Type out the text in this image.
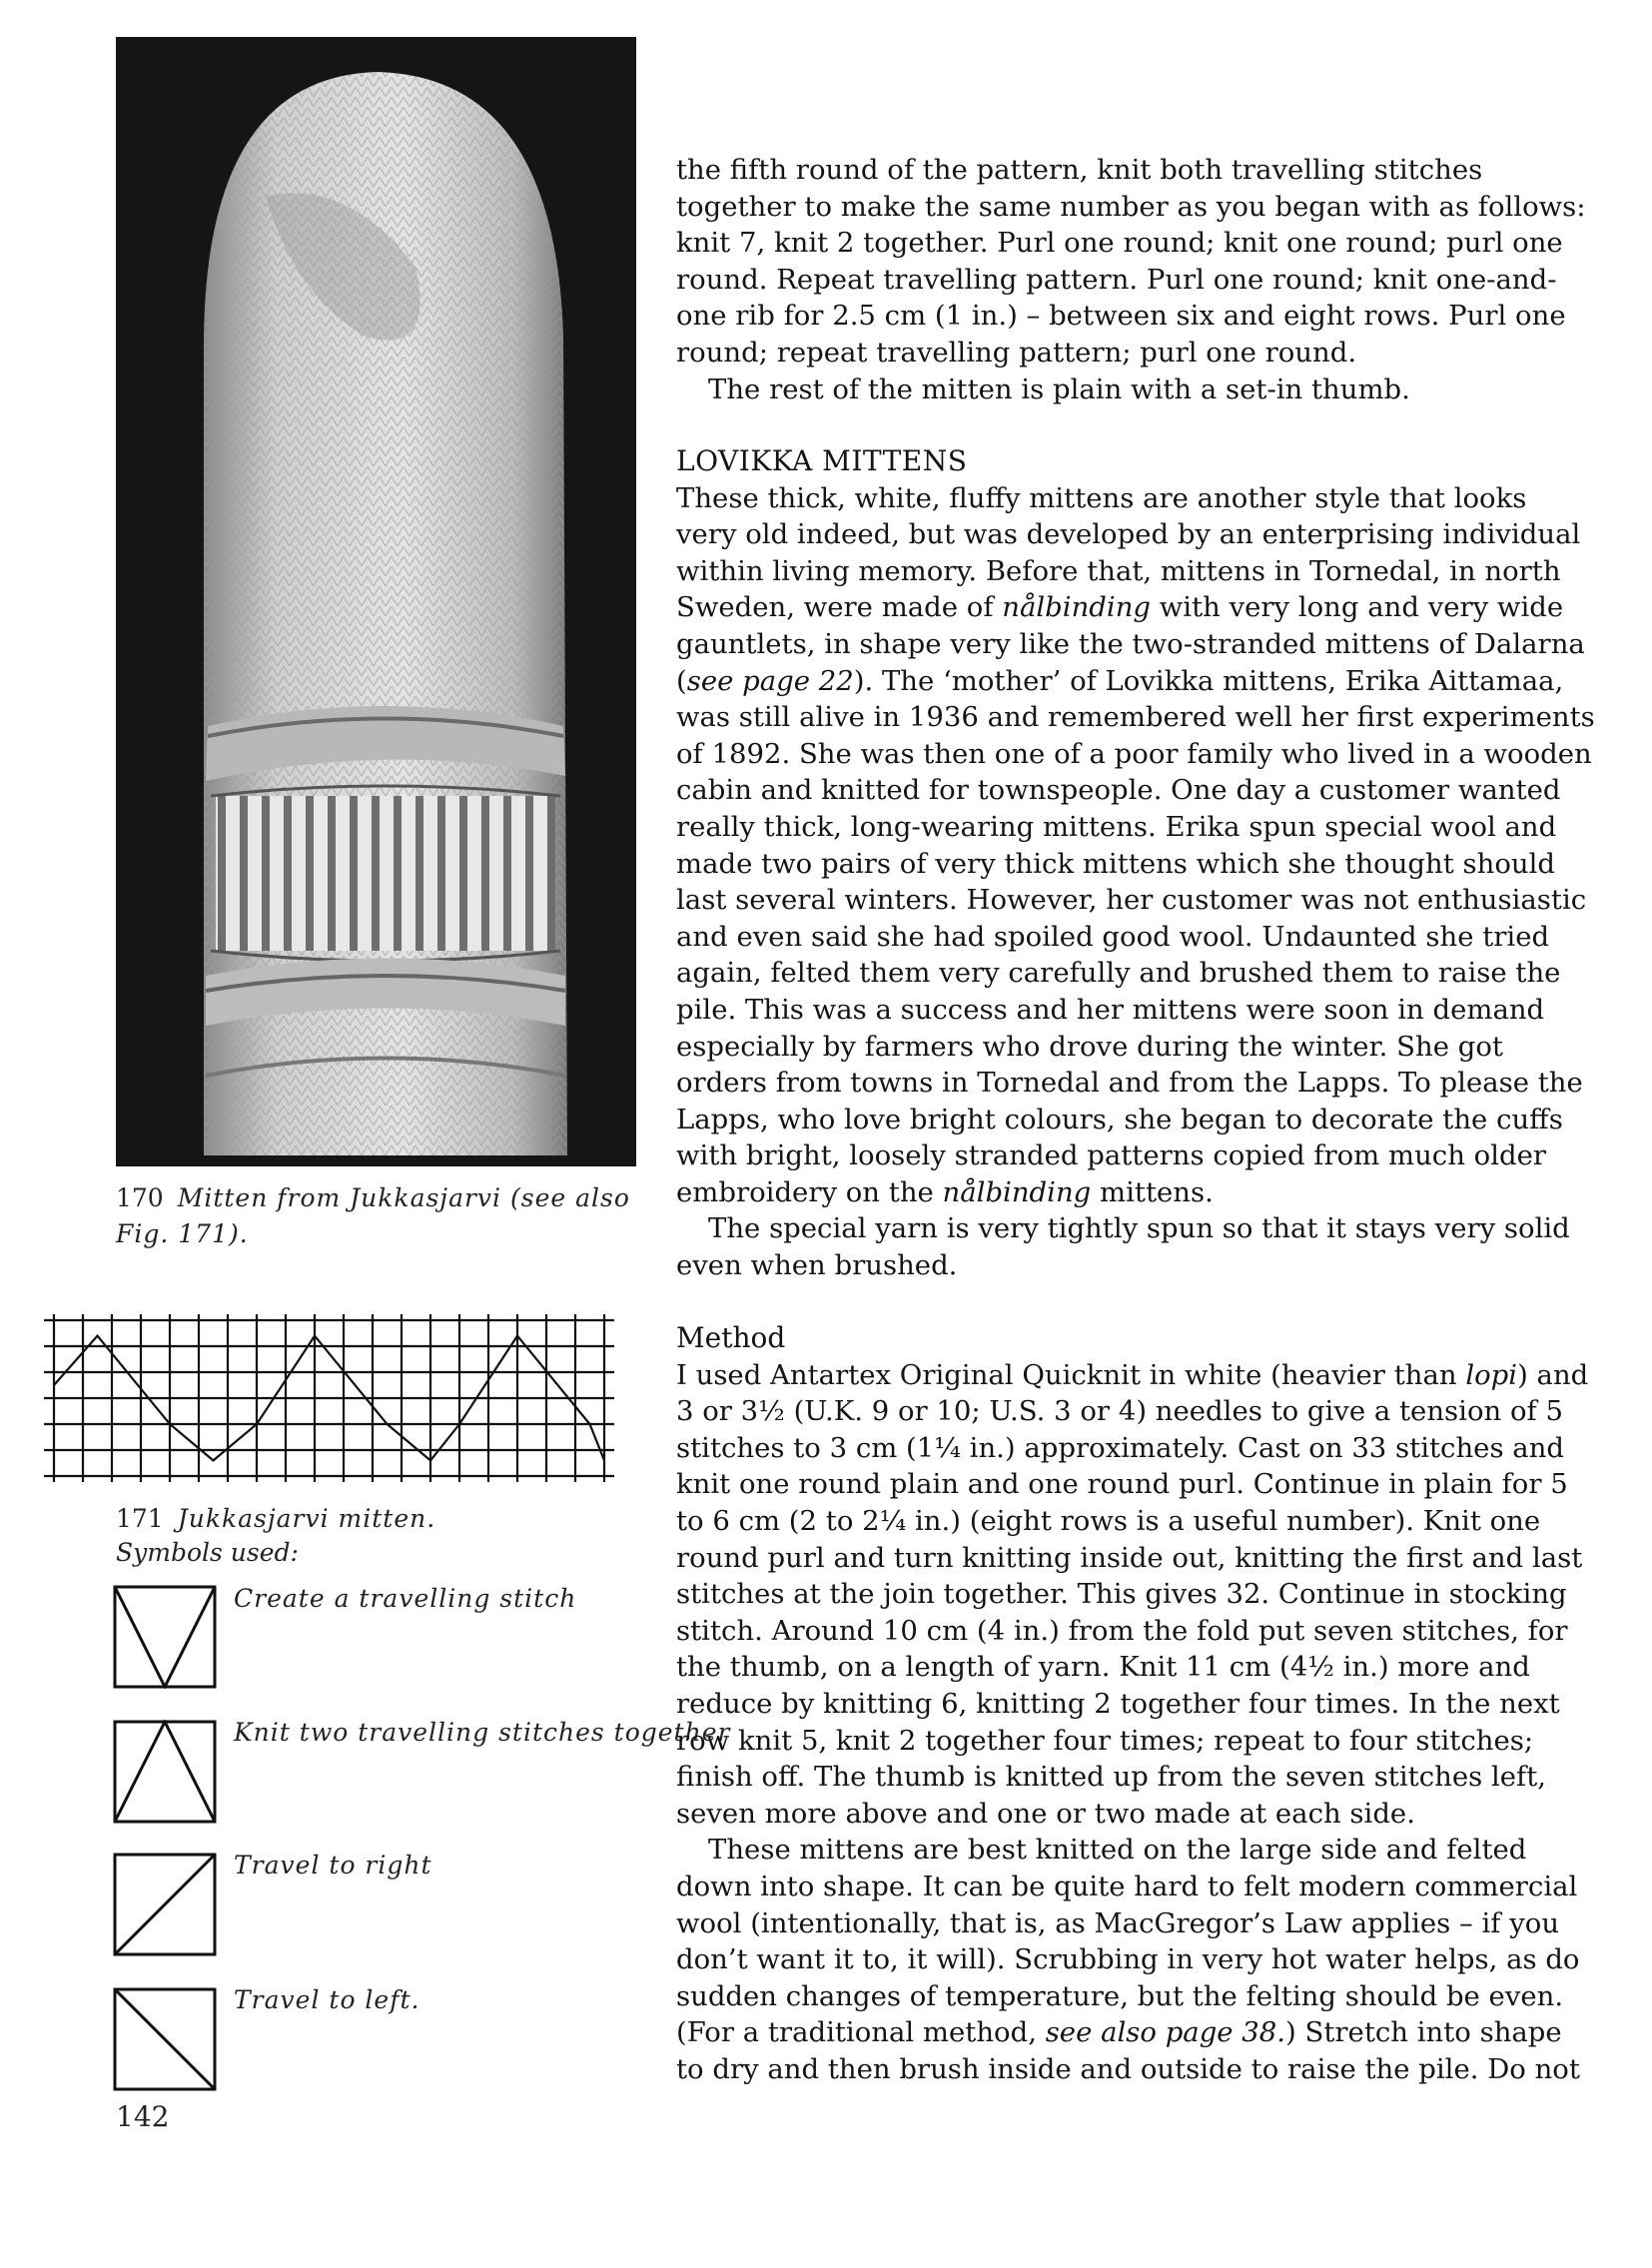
170 Mitten from Jukkasjarvi (see also Fig. 171).
171 Jukkasjarvi mitten.
Symbols used:
Create a travelling stitch
Knit two travelling stitches together
Travel to right
Travel to left.

the fifth round of the pattern, knit both travelling stitches together to make the same number as you began with as follows: knit 7, knit 2 together. Purl one round; knit one round; purl one round. Repeat travelling pattern. Purl one round; knit one-and-one rib for 2.5 cm (1 in.) – between six and eight rows. Purl one round; repeat travelling pattern; purl one round.

The rest of the mitten is plain with a set-in thumb.

LOVIKKA MITTENS

These thick, white, fluffy mittens are another style that looks very old indeed, but was developed by an enterprising individual within living memory. Before that, mittens in Tornedal, in north Sweden, were made of nålbinding with very long and very wide gauntlets, in shape very like the two-stranded mittens of Dalarna (see page 22). The ‘mother’ of Lovikka mittens, Erika Aittamaa, was still alive in 1936 and remembered well her first experiments of 1892. She was then one of a poor family who lived in a wooden cabin and knitted for townspeople. One day a customer wanted really thick, long-wearing mittens. Erika spun special wool and made two pairs of very thick mittens which she thought should last several winters. However, her customer was not enthusiastic and even said she had spoiled good wool. Undaunted she tried again, felted them very carefully and brushed them to raise the pile. This was a success and her mittens were soon in demand especially by farmers who drove during the winter. She got orders from towns in Tornedal and from the Lapps. To please the Lapps, who love bright colours, she began to decorate the cuffs with bright, loosely stranded patterns copied from much older embroidery on the nålbinding mittens.

The special yarn is very tightly spun so that it stays very solid even when brushed.

Method

I used Antartex Original Quicknit in white (heavier than lopi) and 3 or 3½ (U.K. 9 or 10; U.S. 3 or 4) needles to give a tension of 5 stitches to 3 cm (1¼ in.) approximately. Cast on 33 stitches and knit one round plain and one round purl. Continue in plain for 5 to 6 cm (2 to 2¼ in.) (eight rows is a useful number). Knit one round purl and turn knitting inside out, knitting the first and last stitches at the join together. This gives 32. Continue in stocking stitch. Around 10 cm (4 in.) from the fold put seven stitches, for the thumb, on a length of yarn. Knit 11 cm (4½ in.) more and reduce by knitting 6, knitting 2 together four times. In the next row knit 5, knit 2 together four times; repeat to four stitches; finish off. The thumb is knitted up from the seven stitches left, seven more above and one or two made at each side.

These mittens are best knitted on the large side and felted down into shape. It can be quite hard to felt modern commercial wool (intentionally, that is, as MacGregor’s Law applies – if you don’t want it to, it will). Scrubbing in very hot water helps, as do sudden changes of temperature, but the felting should be even. (For a traditional method, see also page 38.) Stretch into shape to dry and then brush inside and outside to raise the pile. Do not

142
